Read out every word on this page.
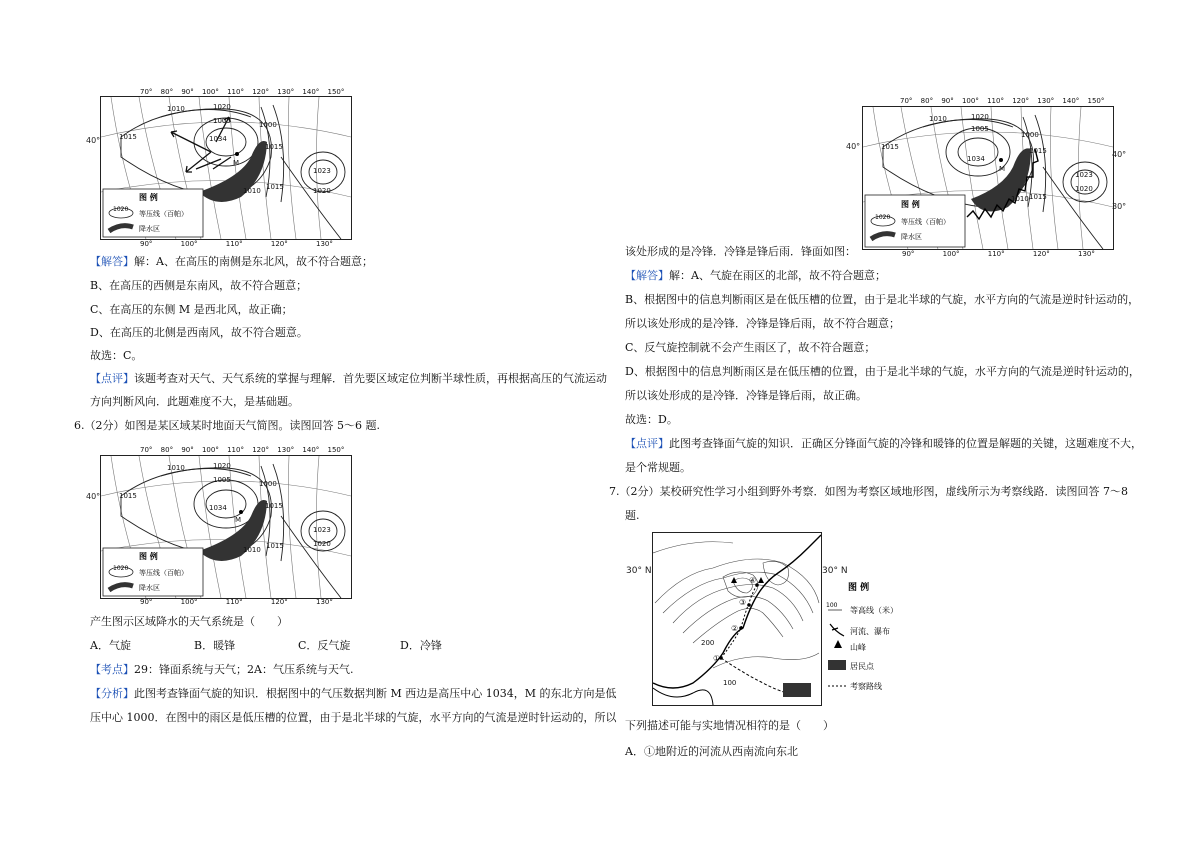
1015
1010	1020
1005
1034
1000
1015
1010 1015
1023
1020
M
图 例
1020
等压线（百帕）
降水区
70° 80° 90° 100° 110° 120° 130° 140° 150°
40°
90°	100°	110°	120°	130°
【解答】解：A、在高压的南侧是东北风，故不符合题意；
B、在高压的西侧是东南风，故不符合题意；
C、在高压的东侧 M 是西北风，故正确；
D、在高压的北侧是西南风，故不符合题意。
故选：C。
【点评】该题考查对天气、天气系统的掌握与理解．首先要区域定位判断半球性质，再根据高压的气流运动
方向判断风向．此题难度不大，是基础题。
6.（2分）如图是某区域某时地面天气简图。读图回答 5～6 题.
1015
1010	1020
1005
1034
1000
1015
1010 1015
1023
1020
M
图 例
1020
等压线（百帕）
降水区
70° 80° 90° 100° 110° 120° 130° 140° 150°
40°
90°	100°	110°	120°	130°
产生图示区域降水的天气系统是（　　）
A．气旋	B．暖锋	C．反气旋	D．冷锋
【考点】29：锋面系统与天气；2A：气压系统与天气.
【分析】此图考查锋面气旋的知识．根据图中的气压数据判断 M 西边是高压中心 1034，M 的东北方向是低
压中心 1000．在图中的雨区是低压槽的位置，由于是北半球的气旋，水平方向的气流是逆时针运动的，所以
1015
1010	1020
1005
1034
1000
1015
1010 1015
1023
1020
M
图 例
1020
等压线（百帕）
降水区
70° 80° 90° 100° 110° 120° 130° 140° 150°
40°
40°
30°
90°	100°	110°	120°	130°
该处形成的是冷锋．冷锋是锋后雨．锋面如图：
【解答】解：A、气旋在雨区的北部，故不符合题意；
B、根据图中的信息判断雨区是在低压槽的位置，由于是北半球的气旋，水平方向的气流是逆时针运动的，
所以该处形成的是冷锋．冷锋是锋后雨，故不符合题意；
C、反气旋控制就不会产生雨区了，故不符合题意；
D、根据图中的信息判断雨区是在低压槽的位置，由于是北半球的气旋，水平方向的气流是逆时针运动的，
所以该处形成的是冷锋．冷锋是锋后雨，故正确。
故选：D。
【点评】此图考查锋面气旋的知识．正确区分锋面气旋的冷锋和暖锋的位置是解题的关键，这题难度不大，
是个常规题。
7.（2分）某校研究性学习小组到野外考察．如图为考察区域地形图，虚线所示为考察线路．读图回答 7～8
题.
①
②
③
④
200
100
30° N	30° N
图 例
100
等高线（米）
河流、瀑布
山峰
居民点
考察路线
下列描述可能与实地情况相符的是（　　）
A．①地附近的河流从西南流向东北
